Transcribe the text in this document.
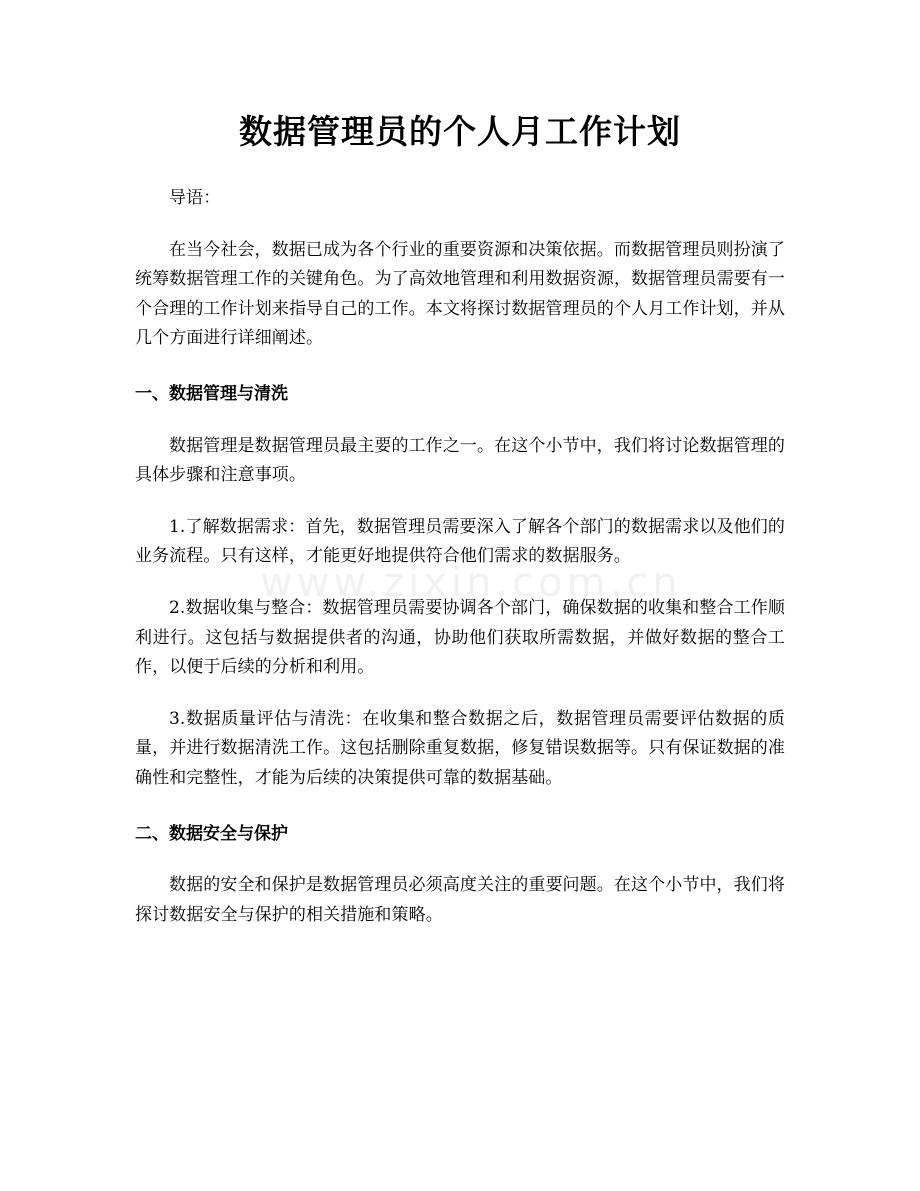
www.zixin.com.cn
数据管理员的个人月工作计划

导语：

在当今社会，数据已成为各个行业的重要资源和决策依据。而数据管理员则扮演了统筹数据管理工作的关键角色。为了高效地管理和利用数据资源，数据管理员需要有一个合理的工作计划来指导自己的工作。本文将探讨数据管理员的个人月工作计划，并从几个方面进行详细阐述。

一、数据管理与清洗

数据管理是数据管理员最主要的工作之一。在这个小节中，我们将讨论数据管理的具体步骤和注意事项。

1.了解数据需求：首先，数据管理员需要深入了解各个部门的数据需求以及他们的业务流程。只有这样，才能更好地提供符合他们需求的数据服务。

2.数据收集与整合：数据管理员需要协调各个部门，确保数据的收集和整合工作顺利进行。这包括与数据提供者的沟通，协助他们获取所需数据，并做好数据的整合工作，以便于后续的分析和利用。

3.数据质量评估与清洗：在收集和整合数据之后，数据管理员需要评估数据的质量，并进行数据清洗工作。这包括删除重复数据，修复错误数据等。只有保证数据的准确性和完整性，才能为后续的决策提供可靠的数据基础。

二、数据安全与保护

数据的安全和保护是数据管理员必须高度关注的重要问题。在这个小节中，我们将探讨数据安全与保护的相关措施和策略。
